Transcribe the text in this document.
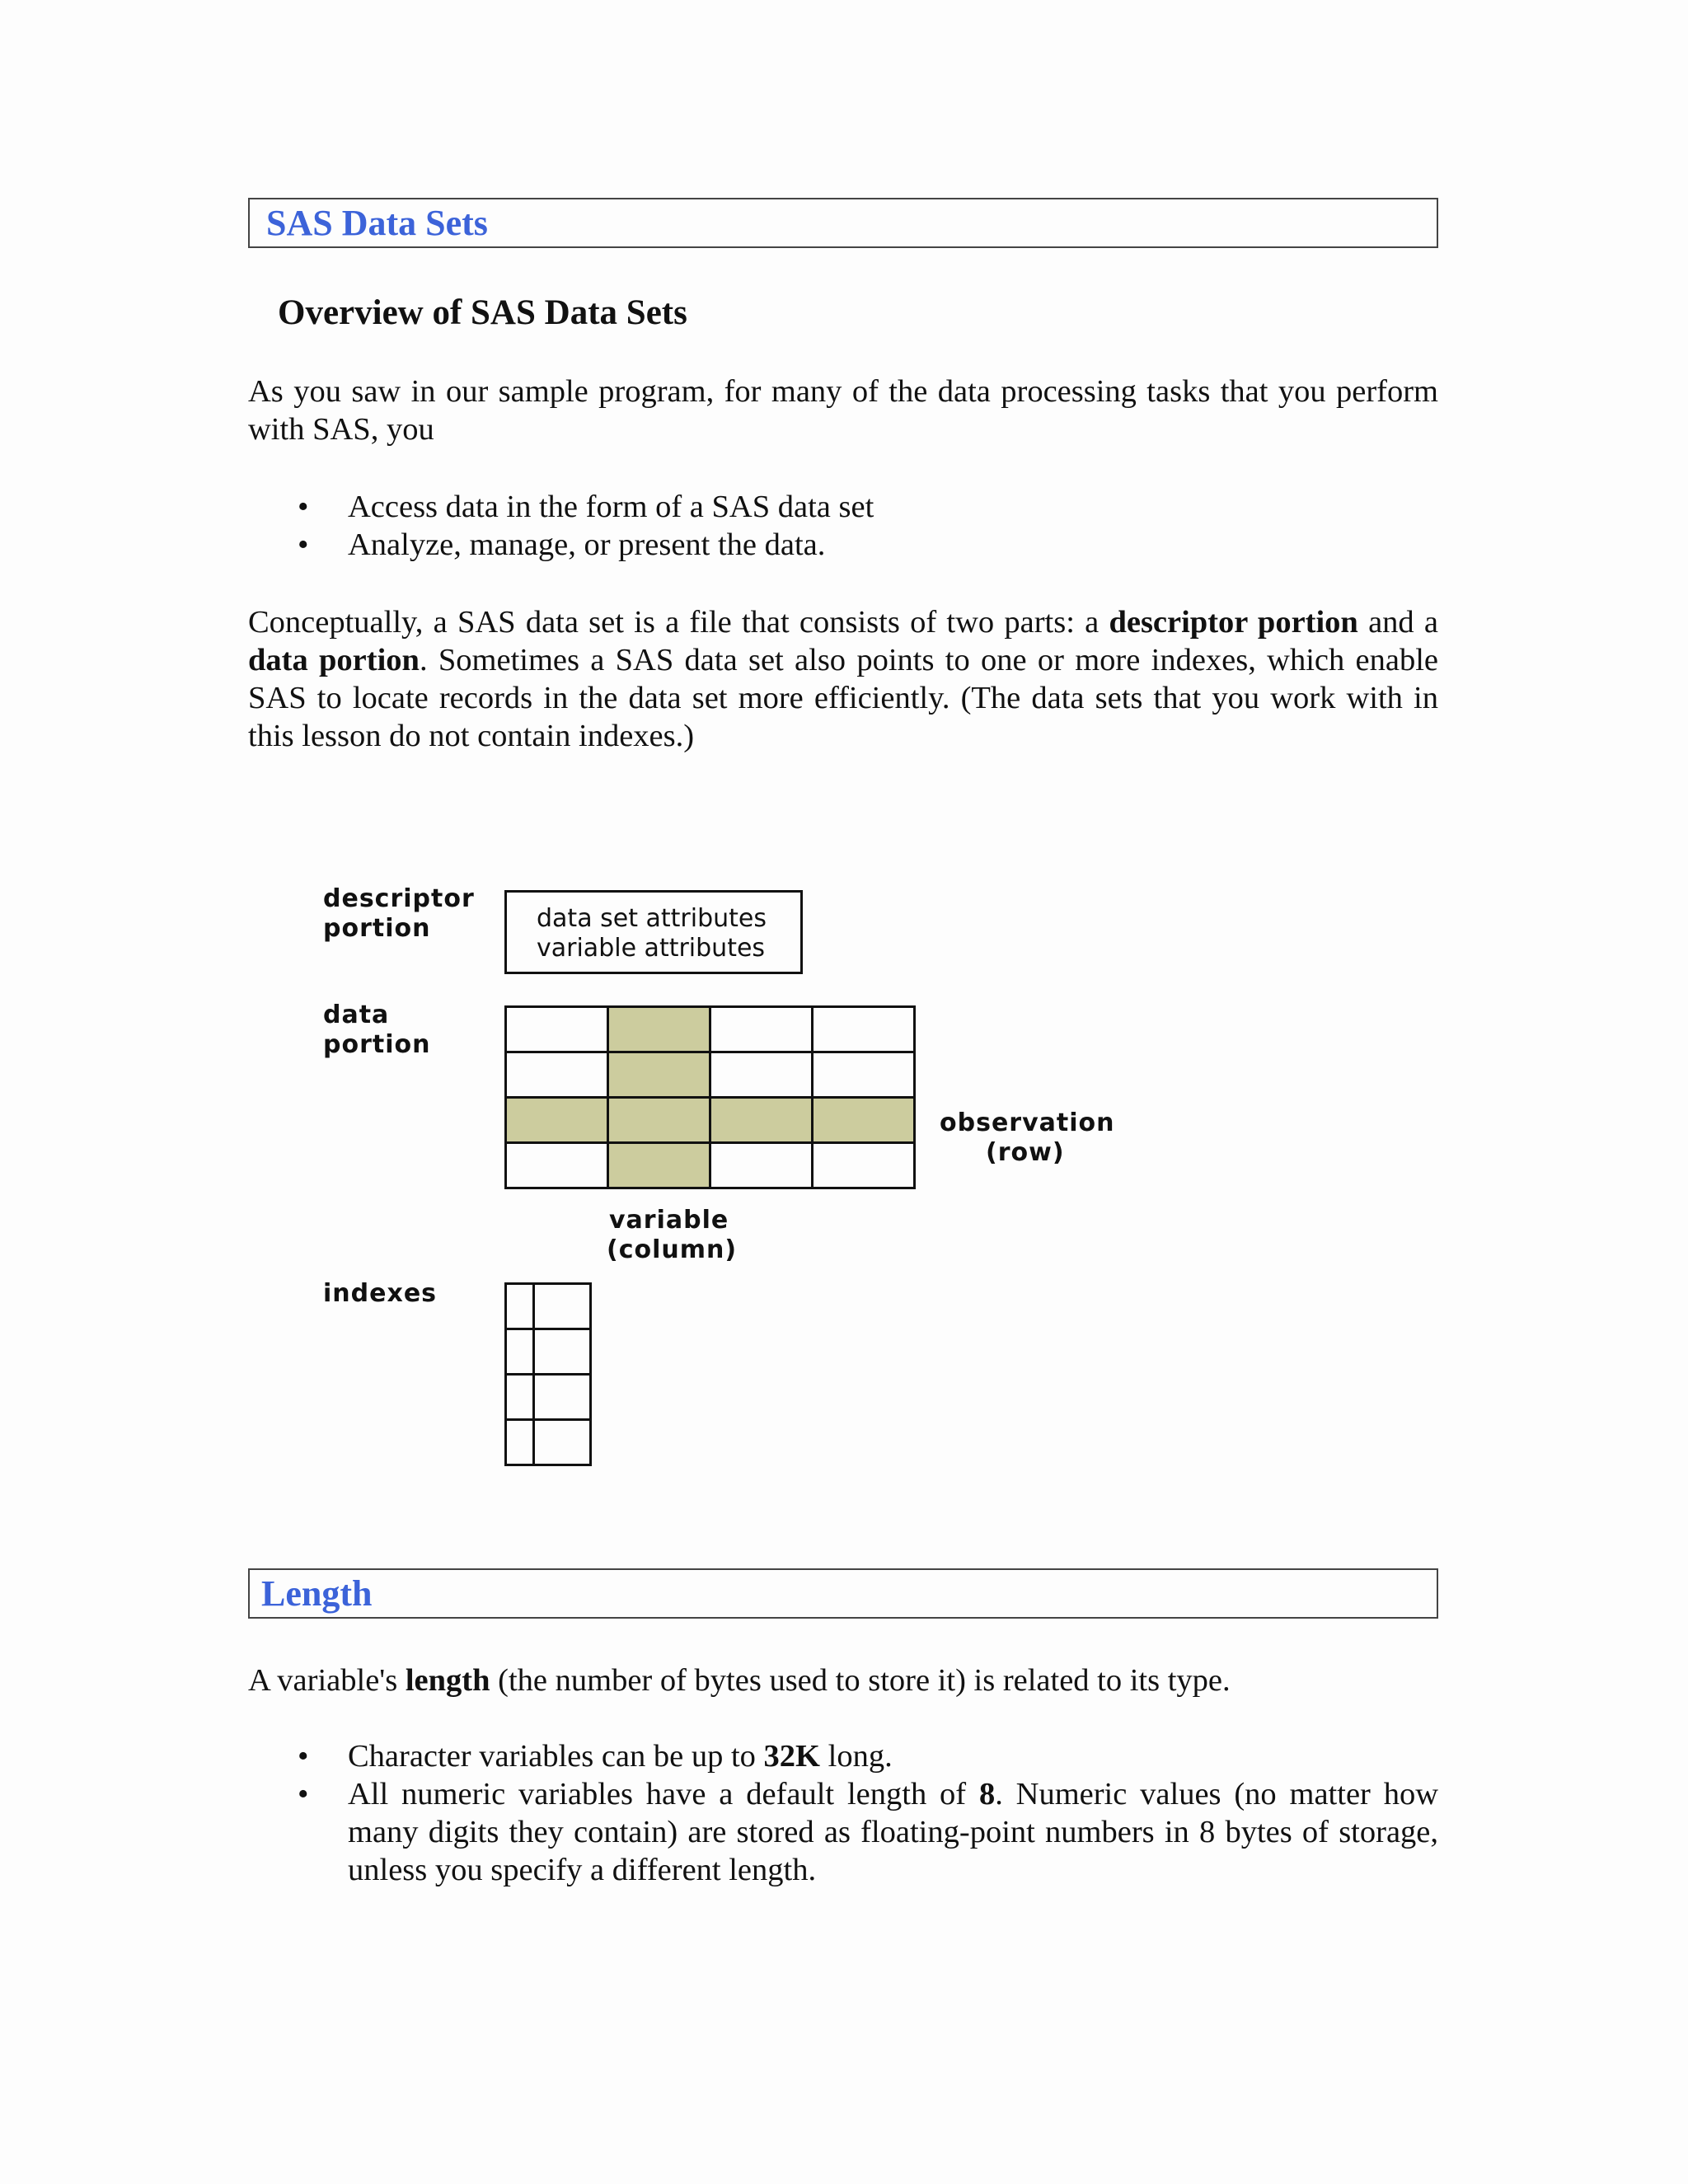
SAS Data Sets
Overview of SAS Data Sets
As you saw in our sample program, for many of the data processing tasks that you perform with SAS, you
• Access data in the form of a SAS data set
• Analyze, manage, or present the data.
Conceptually, a SAS data set is a file that consists of two parts: a descriptor portion and a data portion. Sometimes a SAS data set also points to one or more indexes, which enable SAS to locate records in the data set more efficiently. (The data sets that you work with in this lesson do not contain indexes.)
descriptor
portion	data set attributes
variable attributes
data
portion
observation
(row)
variable
(column)
indexes
Length
A variable's length (the number of bytes used to store it) is related to its type.
• Character variables can be up to 32K long.
• All numeric variables have a default length of 8. Numeric values (no matter how many digits they contain) are stored as floating-point numbers in 8 bytes of storage, unless you specify a different length.
